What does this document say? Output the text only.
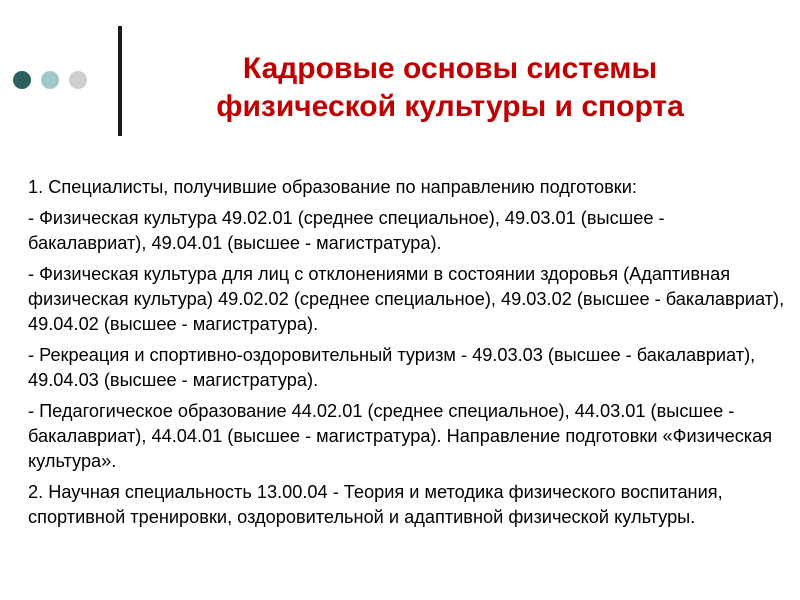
Кадровые основы системы
физической культуры и спорта

1. Специалисты, получившие образование по направлению подготовки:

- Физическая культура 49.02.01 (среднее специальное), 49.03.01 (высшее - бакалавриат), 49.04.01 (высшее - магистратура).

- Физическая культура для лиц с отклонениями в состоянии здоровья (Адаптивная физическая культура) 49.02.02 (среднее специальное), 49.03.02 (высшее - бакалавриат), 49.04.02 (высшее - магистратура).

- Рекреация и спортивно-оздоровительный туризм - 49.03.03 (высшее - бакалавриат), 49.04.03 (высшее - магистратура).

- Педагогическое образование 44.02.01 (среднее специальное), 44.03.01 (высшее - бакалавриат), 44.04.01 (высшее - магистратура). Направление подготовки «Физическая культура».

2. Научная специальность 13.00.04 - Теория и методика физического воспитания, спортивной тренировки, оздоровительной и адаптивной физической культуры.
